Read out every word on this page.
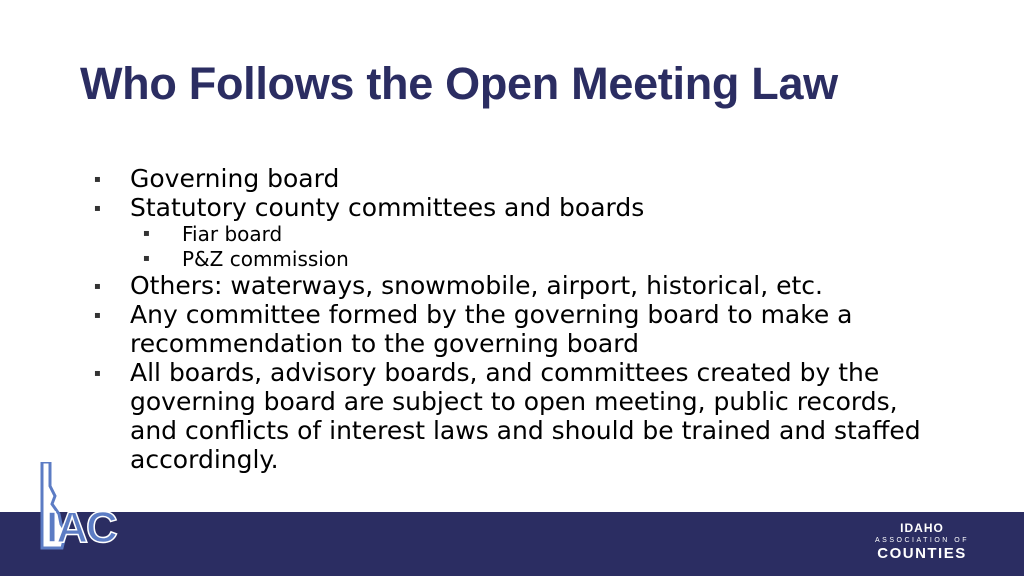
Who Follows the Open Meeting Law
▪ Governing board
▪ Statutory county committees and boards
▪ Fiar board
▪ P&Z commission
▪ Others: waterways, snowmobile, airport, historical, etc.
▪ Any committee formed by the governing board to make a recommendation to the governing board
▪ All boards, advisory boards, and committees created by the governing board are subject to open meeting, public records, and conflicts of interest laws and should be trained and staffed accordingly.
IAC	IDAHO
ASSOCIATION OF
COUNTIES
